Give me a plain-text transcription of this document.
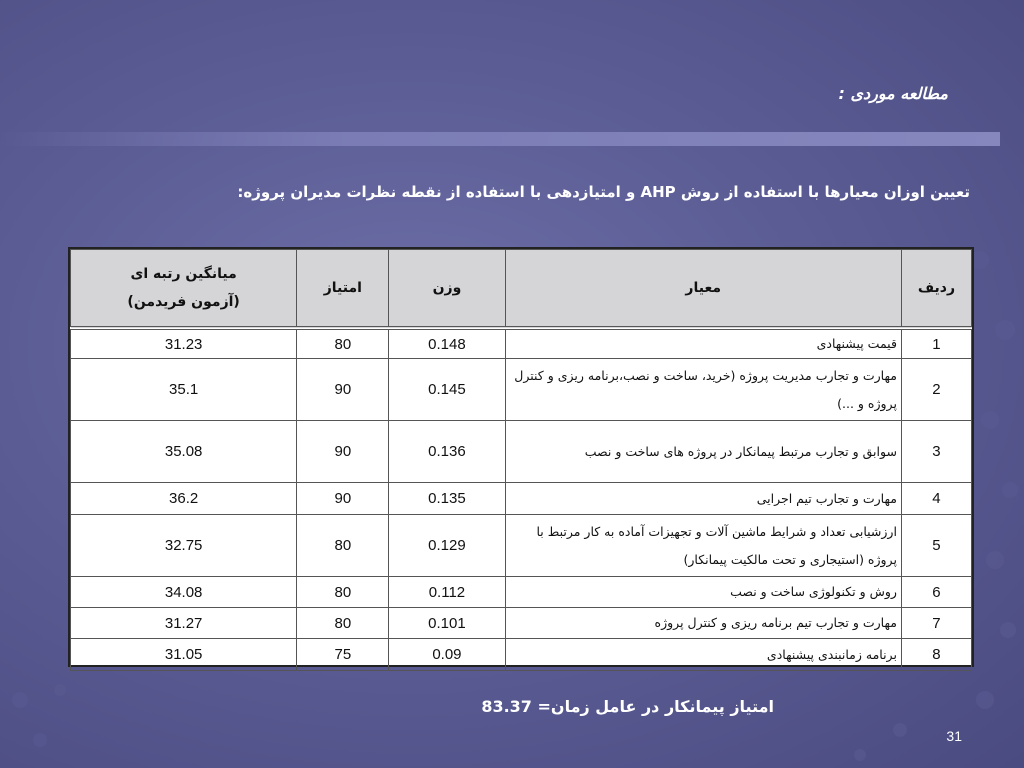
مطالعه موردی :
تعیین اوزان معیارها با استفاده از روش AHP و امتیازدهی با استفاده از نقطه نظرات مدیران پروژه:
ردیف	معیار	وزن	امتیاز	میانگین رتبه ای
(آزمون فریدمن)

1	قیمت پیشنهادی	0.148	80	31.23
2	مهارت و تجارب مدیریت پروژه (خرید، ساخت و نصب،برنامه ریزی و کنترل پروژه و ...)	0.145	90	35.1
3	سوابق و تجارب مرتبط پیمانکار در پروژه های ساخت و نصب	0.136	90	35.08
4	مهارت و تجارب تیم اجرایی	0.135	90	36.2
5	ارزشیابی تعداد و شرایط ماشین آلات و تجهیزات آماده به کار مرتبط با پروژه (استیجاری و تحت مالکیت پیمانکار)	0.129	80	32.75
6	روش و تکنولوژی ساخت و نصب	0.112	80	34.08
7	مهارت و تجارب تیم برنامه ریزی و کنترل پروژه	0.101	80	31.27
8	برنامه زمانبندی پیشنهادی	0.09	75	31.05
امتیاز پیمانکار در عامل زمان= 83.37
31
